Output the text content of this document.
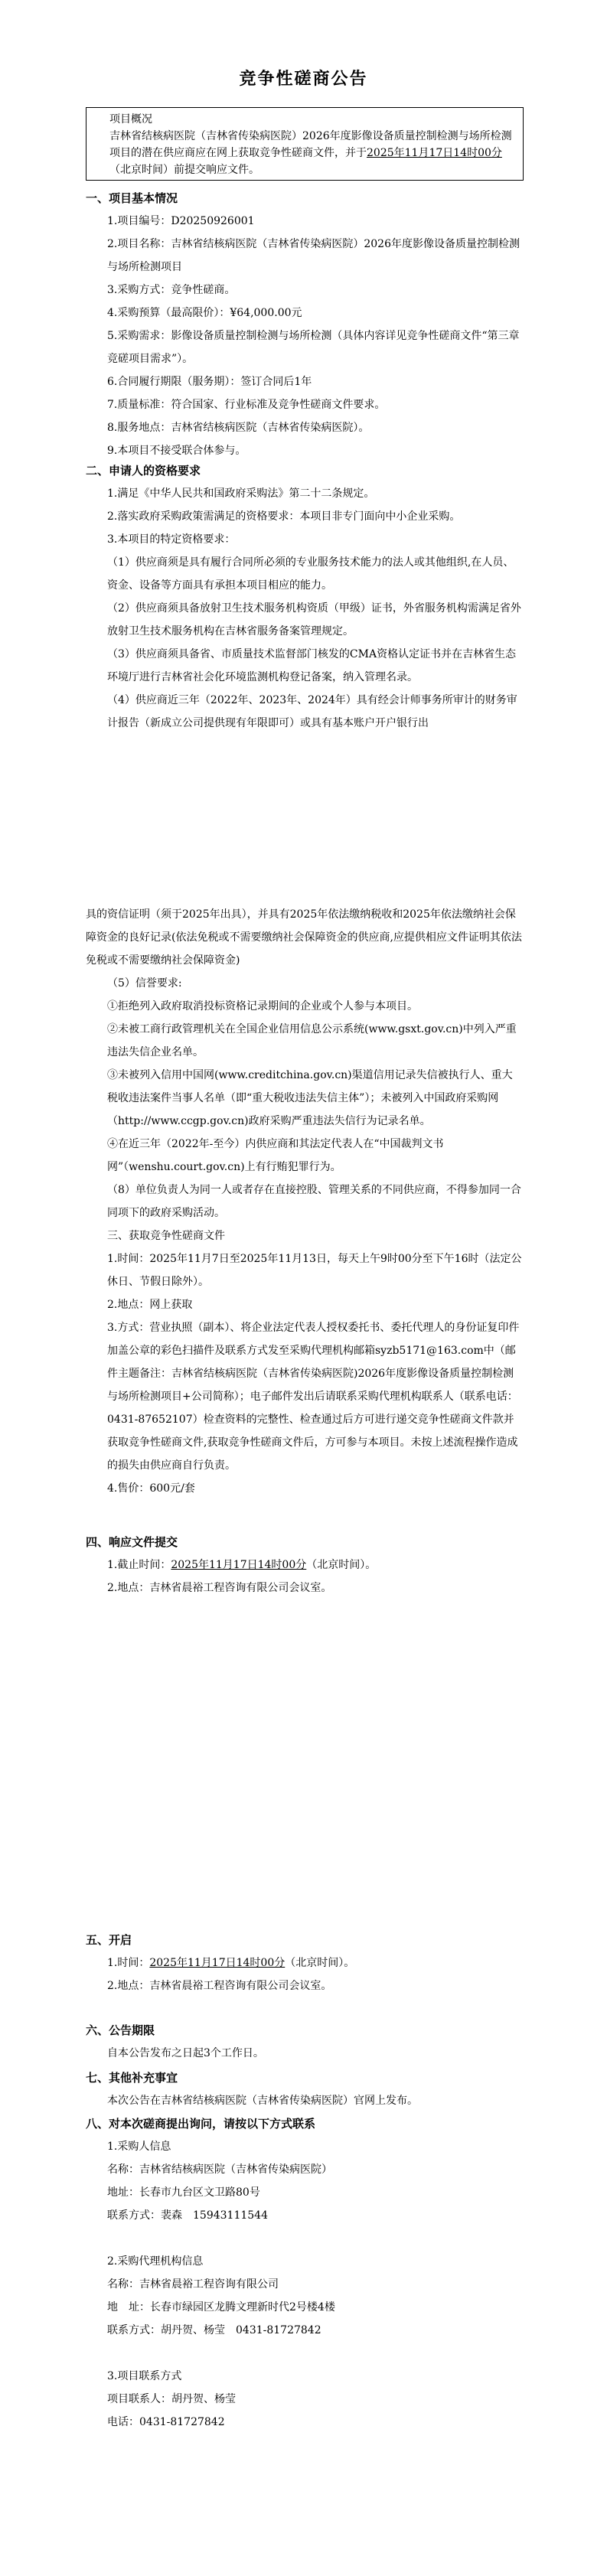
竞争性磋商公告
项目概况
吉林省结核病医院（吉林省传染病医院）2026年度影像设备质量控制检测与场所检测项目的潜在供应商应在网上获取竞争性磋商文件，并于2025年11月17日14时00分（北京时间）前提交响应文件。

一、项目基本情况

1.项目编号：D20250926001

2.项目名称：吉林省结核病医院（吉林省传染病医院）2026年度影像设备质量控制检测与场所检测项目

3.采购方式：竞争性磋商。

4.采购预算（最高限价）：¥64,000.00元

5.采购需求：影像设备质量控制检测与场所检测（具体内容详见竞争性磋商文件“第三章　竞磋项目需求”）。

6.合同履行期限（服务期）：签订合同后1年

7.质量标准：符合国家、行业标准及竞争性磋商文件要求。

8.服务地点：吉林省结核病医院（吉林省传染病医院）。

9.本项目不接受联合体参与。

二、申请人的资格要求

1.满足《中华人民共和国政府采购法》第二十二条规定。

2.落实政府采购政策需满足的资格要求：本项目非专门面向中小企业采购。

3.本项目的特定资格要求：

（1）供应商须是具有履行合同所必须的专业服务技术能力的法人或其他组织,在人员、资金、设备等方面具有承担本项目相应的能力。

（2）供应商须具备放射卫生技术服务机构资质（甲级）证书，外省服务机构需满足省外放射卫生技术服务机构在吉林省服务备案管理规定。

（3）供应商须具备省、市质量技术监督部门核发的CMA资格认定证书并在吉林省生态环境厅进行吉林省社会化环境监测机构登记备案，纳入管理名录。

（4）供应商近三年（2022年、2023年、2024年）具有经会计师事务所审计的财务审计报告（新成立公司提供现有年限即可）或具有基本账户开户银行出

具的资信证明（须于2025年出具），并具有2025年依法缴纳税收和2025年依法缴纳社会保障资金的良好记录(依法免税或不需要缴纳社会保障资金的供应商,应提供相应文件证明其依法免税或不需要缴纳社会保障资金)

（5）信誉要求:

①拒绝列入政府取消投标资格记录期间的企业或个人参与本项目。

②未被工商行政管理机关在全国企业信用信息公示系统(www.gsxt.gov.cn)中列入严重违法失信企业名单。

③未被列入信用中国网(www.creditchina.gov.cn)渠道信用记录失信被执行人、重大税收违法案件当事人名单（即“重大税收违法失信主体”）；未被列入中国政府采购网（http://www.ccgp.gov.cn)政府采购严重违法失信行为记录名单。

④在近三年（2022年-至今）内供应商和其法定代表人在“中国裁判文书网”（wenshu.court.gov.cn)上有行贿犯罪行为。

（8）单位负责人为同一人或者存在直接控股、管理关系的不同供应商，不得参加同一合同项下的政府采购活动。

三、获取竞争性磋商文件

1.时间：2025年11月7日至2025年11月13日，每天上午9时00分至下午16时（法定公休日、节假日除外）。

2.地点：网上获取

3.方式：营业执照（副本）、将企业法定代表人授权委托书、委托代理人的身份证复印件加盖公章的彩色扫描件及联系方式发至采购代理机构邮箱syzb5171@163.com中（邮件主题备注：吉林省结核病医院（吉林省传染病医院)2026年度影像设备质量控制检测与场所检测项目+公司简称）；电子邮件发出后请联系采购代理机构联系人（联系电话：0431-87652107）检查资料的完整性、检查通过后方可进行递交竞争性磋商文件款并获取竞争性磋商文件,获取竞争性磋商文件后，方可参与本项目。未按上述流程操作造成的损失由供应商自行负责。

4.售价：600元/套

四、响应文件提交

1.截止时间：2025年11月17日14时00分（北京时间）。

2.地点：吉林省晨裕工程咨询有限公司会议室。

五、开启

1.时间：2025年11月17日14时00分（北京时间）。

2.地点：吉林省晨裕工程咨询有限公司会议室。

六、公告期限

自本公告发布之日起3个工作日。

七、其他补充事宜

本次公告在吉林省结核病医院（吉林省传染病医院）官网上发布。

八、对本次磋商提出询问，请按以下方式联系

1.采购人信息

名称：吉林省结核病医院（吉林省传染病医院）

地址：长春市九台区文卫路80号

联系方式：裴森　15943111544

2.采购代理机构信息

名称：吉林省晨裕工程咨询有限公司

地　址：长春市绿园区龙腾文理新时代2号楼4楼

联系方式：胡丹贺、杨莹　0431-81727842

3.项目联系方式

项目联系人：胡丹贺、杨莹

电话：0431-81727842
